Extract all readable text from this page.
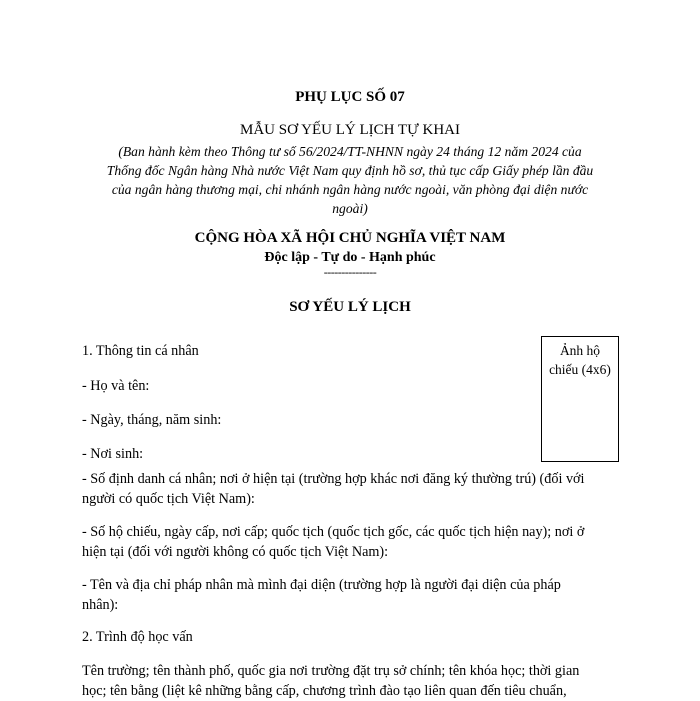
PHỤ LỤC SỐ 07
MẪU SƠ YẾU LÝ LỊCH TỰ KHAI
(Ban hành kèm theo Thông tư số 56/2024/TT-NHNN ngày 24 tháng 12 năm 2024 của
Thống đốc Ngân hàng Nhà nước Việt Nam quy định hồ sơ, thủ tục cấp Giấy phép lần đầu
của ngân hàng thương mại, chi nhánh ngân hàng nước ngoài, văn phòng đại diện nước
ngoài)
CỘNG HÒA XÃ HỘI CHỦ NGHĨA VIỆT NAM
Độc lập - Tự do - Hạnh phúc
---------------
SƠ YẾU LÝ LỊCH
Ảnh hộ
chiếu (4x6)
1. Thông tin cá nhân
- Họ và tên:
- Ngày, tháng, năm sinh:
- Nơi sinh:
- Số định danh cá nhân; nơi ở hiện tại (trường hợp khác nơi đăng ký thường trú) (đối với
người có quốc tịch Việt Nam):
- Số hộ chiếu, ngày cấp, nơi cấp; quốc tịch (quốc tịch gốc, các quốc tịch hiện nay); nơi ở
hiện tại (đối với người không có quốc tịch Việt Nam):
- Tên và địa chỉ pháp nhân mà mình đại diện (trường hợp là người đại diện của pháp
nhân):
2. Trình độ học vấn
Tên trường; tên thành phố, quốc gia nơi trường đặt trụ sở chính; tên khóa học; thời gian
học; tên bằng (liệt kê những bằng cấp, chương trình đào tạo liên quan đến tiêu chuẩn,
